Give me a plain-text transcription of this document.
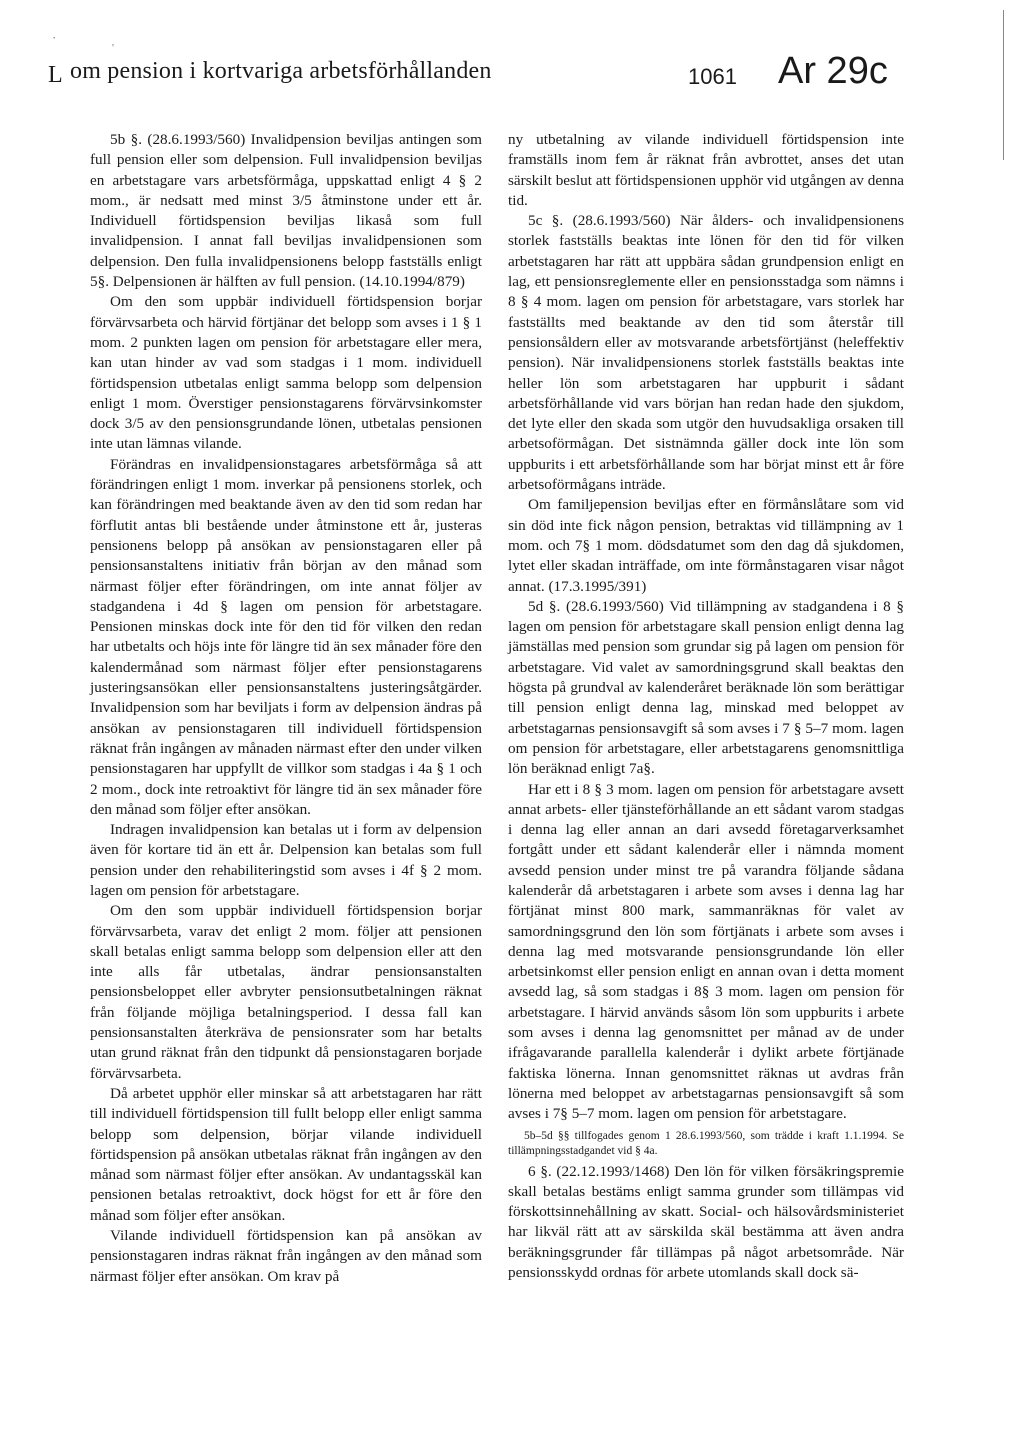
·
'
L om pension i kortvariga arbetsförhållanden	1061 Ar 29c

5b §. (28.6.1993/560) Invalidpension beviljas antingen som full pension eller som delpension. Full invalidpension beviljas en arbetstagare vars arbetsförmåga, uppskattad enligt 4 § 2 mom., är nedsatt med minst 3/5 åtminstone under ett år. Individuell förtidspension beviljas likaså som full invalidpension. I annat fall beviljas invalidpensionen som delpension. Den fulla invalidpensionens belopp fastställs enligt 5§. Delpensionen är hälften av full pension. (14.10.1994/879)

Om den som uppbär individuell förtidspension borjar förvärvsarbeta och härvid förtjänar det belopp som avses i 1 § 1 mom. 2 punkten lagen om pension för arbetstagare eller mera, kan utan hinder av vad som stadgas i 1 mom. individuell förtidspension utbetalas enligt samma belopp som delpension enligt 1 mom. Överstiger pensionstagarens förvärvsinkomster dock 3/5 av den pensionsgrundande lönen, utbetalas pensionen inte utan lämnas vilande.

Förändras en invalidpensionstagares arbetsförmåga så att förändringen enligt 1 mom. inverkar på pensionens storlek, och kan förändringen med beaktande även av den tid som redan har förflutit antas bli bestående under åtminstone ett år, justeras pensionens belopp på ansökan av pensionstagaren eller på pensionsanstaltens initiativ från början av den månad som närmast följer efter förändringen, om inte annat följer av stadgandena i 4d § lagen om pension för arbetstagare. Pensionen minskas dock inte för den tid för vilken den redan har utbetalts och höjs inte för längre tid än sex månader före den kalendermånad som närmast följer efter pensionstagarens justeringsansökan eller pensionsanstaltens justeringsåtgärder. Invalidpension som har beviljats i form av delpension ändras på ansökan av pensionstagaren till individuell förtidspension räknat från ingången av månaden närmast efter den under vilken pensionstagaren har uppfyllt de villkor som stadgas i 4a § 1 och 2 mom., dock inte retroaktivt för längre tid än sex månader före den månad som följer efter ansökan.

Indragen invalidpension kan betalas ut i form av delpension även för kortare tid än ett år. Delpension kan betalas som full pension under den rehabiliteringstid som avses i 4f § 2 mom. lagen om pension för arbetstagare.

Om den som uppbär individuell förtidspension borjar förvärvsarbeta, varav det enligt 2 mom. följer att pensionen skall betalas enligt samma belopp som delpension eller att den inte alls får utbetalas, ändrar pensionsanstalten pensionsbeloppet eller avbryter pensionsutbetalningen räknat från följande möjliga betalningsperiod. I dessa fall kan pensionsanstalten återkräva de pensionsrater som har betalts utan grund räknat från den tidpunkt då pensionstagaren borjade förvärvsarbeta.

Då arbetet upphör eller minskar så att arbetstagaren har rätt till individuell förtidspension till fullt belopp eller enligt samma belopp som delpension, börjar vilande individuell förtidspension på ansökan utbetalas räknat från ingången av den månad som närmast följer efter ansökan. Av undantagsskäl kan pensionen betalas retroaktivt, dock högst for ett år före den månad som följer efter ansökan.

Vilande individuell förtidspension kan på ansökan av pensionstagaren indras räknat från ingången av den månad som närmast följer efter ansökan. Om krav på

ny utbetalning av vilande individuell förtidspension inte framställs inom fem år räknat från avbrottet, anses det utan särskilt beslut att förtidspensionen upphör vid utgången av denna tid.

5c §. (28.6.1993/560) När ålders- och invalidpensionens storlek fastställs beaktas inte lönen för den tid för vilken arbetstagaren har rätt att uppbära sådan grundpension enligt en lag, ett pensionsreglemente eller en pensionsstadga som nämns i 8 § 4 mom. lagen om pension för arbetstagare, vars storlek har fastställts med beaktande av den tid som återstår till pensionsåldern eller av motsvarande arbetsförtjänst (heleffektiv pension). När invalidpensionens storlek fastställs beaktas inte heller lön som arbetstagaren har uppburit i sådant arbetsförhållande vid vars början han redan hade den sjukdom, det lyte eller den skada som utgör den huvudsakliga orsaken till arbetsoförmågan. Det sistnämnda gäller dock inte lön som uppburits i ett arbetsförhållande som har börjat minst ett år före arbetsoförmågans inträde.

Om familjepension beviljas efter en förmånslåtare som vid sin död inte fick någon pension, betraktas vid tillämpning av 1 mom. och 7§ 1 mom. dödsdatumet som den dag då sjukdomen, lytet eller skadan inträffade, om inte förmånstagaren visar något annat. (17.3.1995/391)

5d §. (28.6.1993/560) Vid tillämpning av stadgandena i 8 § lagen om pension för arbetstagare skall pension enligt denna lag jämställas med pension som grundar sig på lagen om pension för arbetstagare. Vid valet av samordningsgrund skall beaktas den högsta på grundval av kalenderåret beräknade lön som berättigar till pension enligt denna lag, minskad med beloppet av arbetstagarnas pensionsavgift så som avses i 7 § 5–7 mom. lagen om pension för arbetstagare, eller arbetstagarens genomsnittliga lön beräknad enligt 7a§.

Har ett i 8 § 3 mom. lagen om pension för arbetstagare avsett annat arbets- eller tjänsteförhållande an ett sådant varom stadgas i denna lag eller annan an dari avsedd företagarverksamhet fortgått under ett sådant kalenderår eller i nämnda moment avsedd pension under minst tre på varandra följande sådana kalenderår då arbetstagaren i arbete som avses i denna lag har förtjänat minst 800 mark, sammanräknas för valet av samordningsgrund den lön som förtjänats i arbete som avses i denna lag med motsvarande pensionsgrundande lön eller arbetsinkomst eller pension enligt en annan ovan i detta moment avsedd lag, så som stadgas i 8§ 3 mom. lagen om pension för arbetstagare. I härvid används såsom lön som uppburits i arbete som avses i denna lag genomsnittet per månad av de under ifrågavarande parallella kalenderår i dylikt arbete förtjänade faktiska lönerna. Innan genomsnittet räknas ut avdras från lönerna med beloppet av arbetstagarnas pensionsavgift så som avses i 7§ 5–7 mom. lagen om pension för arbetstagare.

5b–5d §§ tillfogades genom 1 28.6.1993/560, som trädde i kraft 1.1.1994. Se tillämpningsstadgandet vid § 4a.

6 §. (22.12.1993/1468) Den lön för vilken försäkringspremie skall betalas bestäms enligt samma grunder som tillämpas vid förskottsinnehållning av skatt. Social- och hälsovårdsministeriet har likväl rätt att av särskilda skäl bestämma att även andra beräkningsgrunder får tillämpas på något arbetsområde. När pensionsskydd ordnas för arbete utomlands skall dock sä-
